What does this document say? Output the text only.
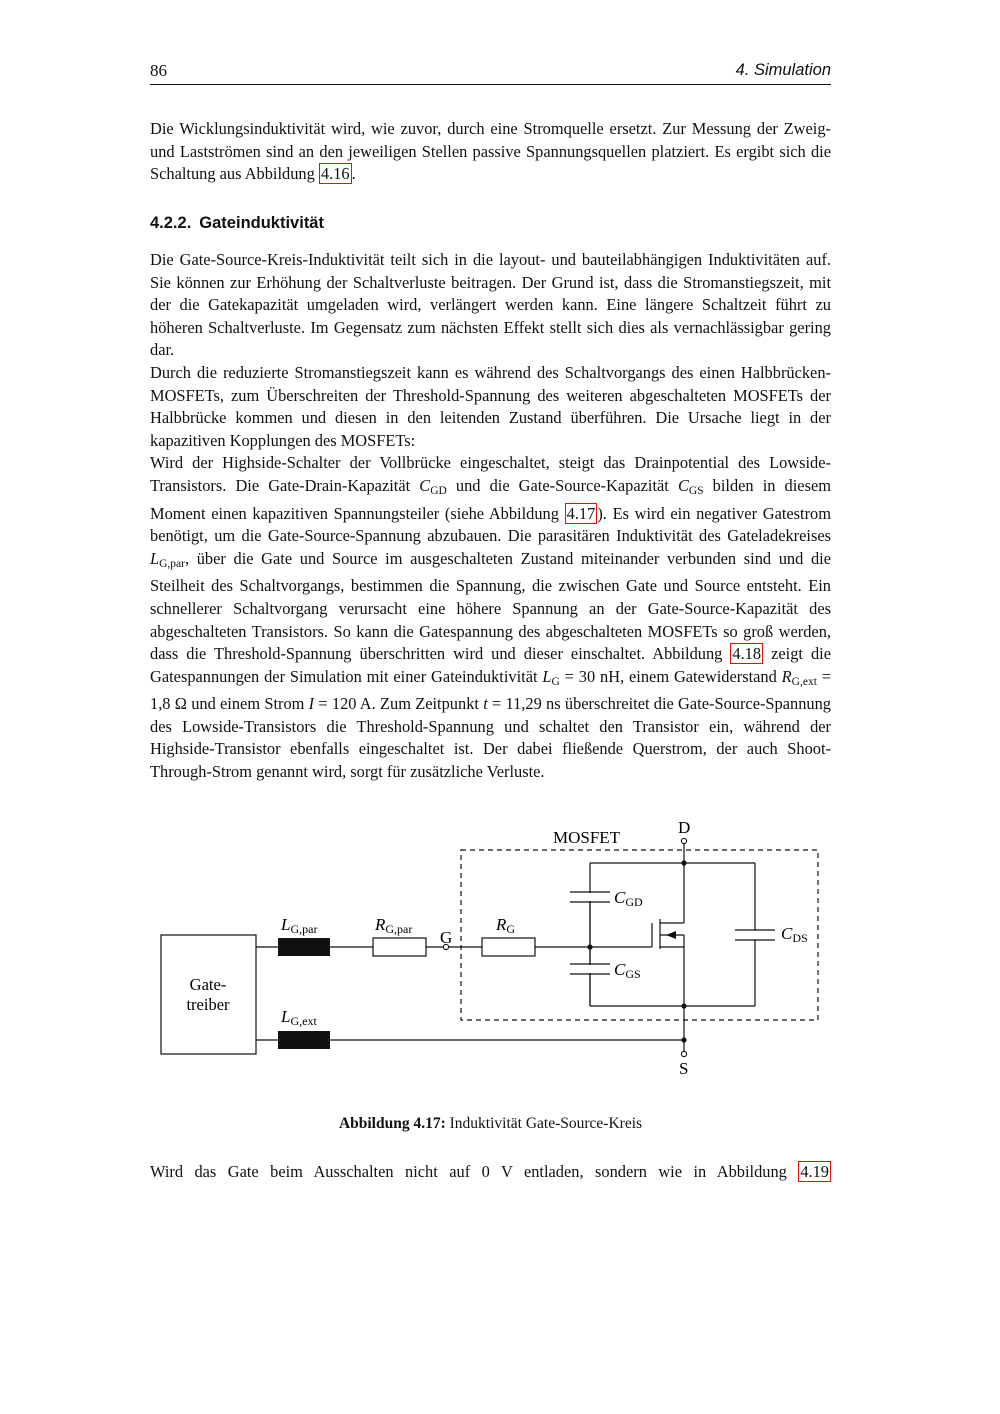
86	4. Simulation

Die Wicklungsinduktivität wird, wie zuvor, durch eine Stromquelle ersetzt. Zur Messung der Zweig- und Lastströmen sind an den jeweiligen Stellen passive Spannungsquellen platziert. Es ergibt sich die Schaltung aus Abbildung 4.16 .

4.2.2. Gateinduktivität

Die Gate-Source-Kreis-Induktivität teilt sich in die layout- und bauteilabhängigen Induktivitäten auf. Sie können zur Erhöhung der Schaltverluste beitragen. Der Grund ist, dass die Stromanstiegszeit, mit der die Gatekapazität umgeladen wird, verlängert werden kann. Eine längere Schaltzeit führt zu höheren Schaltverluste. Im Gegensatz zum nächsten Effekt stellt sich dies als vernachlässigbar gering dar.

Durch die reduzierte Stromanstiegszeit kann es während des Schaltvorgangs des einen Halbbrücken-MOSFETs, zum Überschreiten der Threshold-Spannung des weiteren abgeschalteten MOSFETs der Halbbrücke kommen und diesen in den leitenden Zustand überführen. Die Ursache liegt in der kapazitiven Kopplungen des MOSFETs:

Wird der Highside-Schalter der Vollbrücke eingeschaltet, steigt das Drainpotential des Lowside-Transistors. Die Gate-Drain-Kapazität $C_{GD}$ und die Gate-Source-Kapazität $C_{GS}$ bilden in diesem Moment einen kapazitiven Spannungsteiler (siehe Abbildung 4.17 ). Es wird ein negativer Gatestrom benötigt, um die Gate-Source-Spannung abzubauen. Die parasitären Induktivität des Gateladekreises $L_{G,par}$, über die Gate und Source im ausgeschalteten Zustand miteinander verbunden sind und die Steilheit des Schaltvorgangs, bestimmen die Spannung, die zwischen Gate und Source entsteht. Ein schnellerer Schaltvorgang verursacht eine höhere Spannung an der Gate-Source-Kapazität des abgeschalteten Transistors. So kann die Gatespannung des abgeschalteten MOSFETs so groß werden, dass die Threshold-Spannung überschritten wird und dieser einschaltet. Abbildung 4.18 zeigt die Gatespannungen der Simulation mit einer Gateinduktivität $L_G = 30$ nH, einem Gatewiderstand $R_{G,ext} = 1,8$ Ω und einem Strom I = 120 A. Zum Zeitpunkt t = 11,29 ns überschreitet die Gate-Source-Spannung des Lowside-Transistors die Threshold-Spannung und schaltet den Transistor ein, während der Highside-Transistor ebenfalls eingeschaltet ist. Der dabei fließende Querstrom, der auch Shoot-Through-Strom genannt wird, sorgt für zusätzliche Verluste.

MOSFET
D
S
G
Gate-
treiber
LG,par	RG,par	RG
LG,ext
CGD
CGS
CDS
Abbildung 4.17: Induktivität Gate-Source-Kreis
Wird das Gate beim Ausschalten nicht auf 0 V entladen, sondern wie in Abbildung 4.19
